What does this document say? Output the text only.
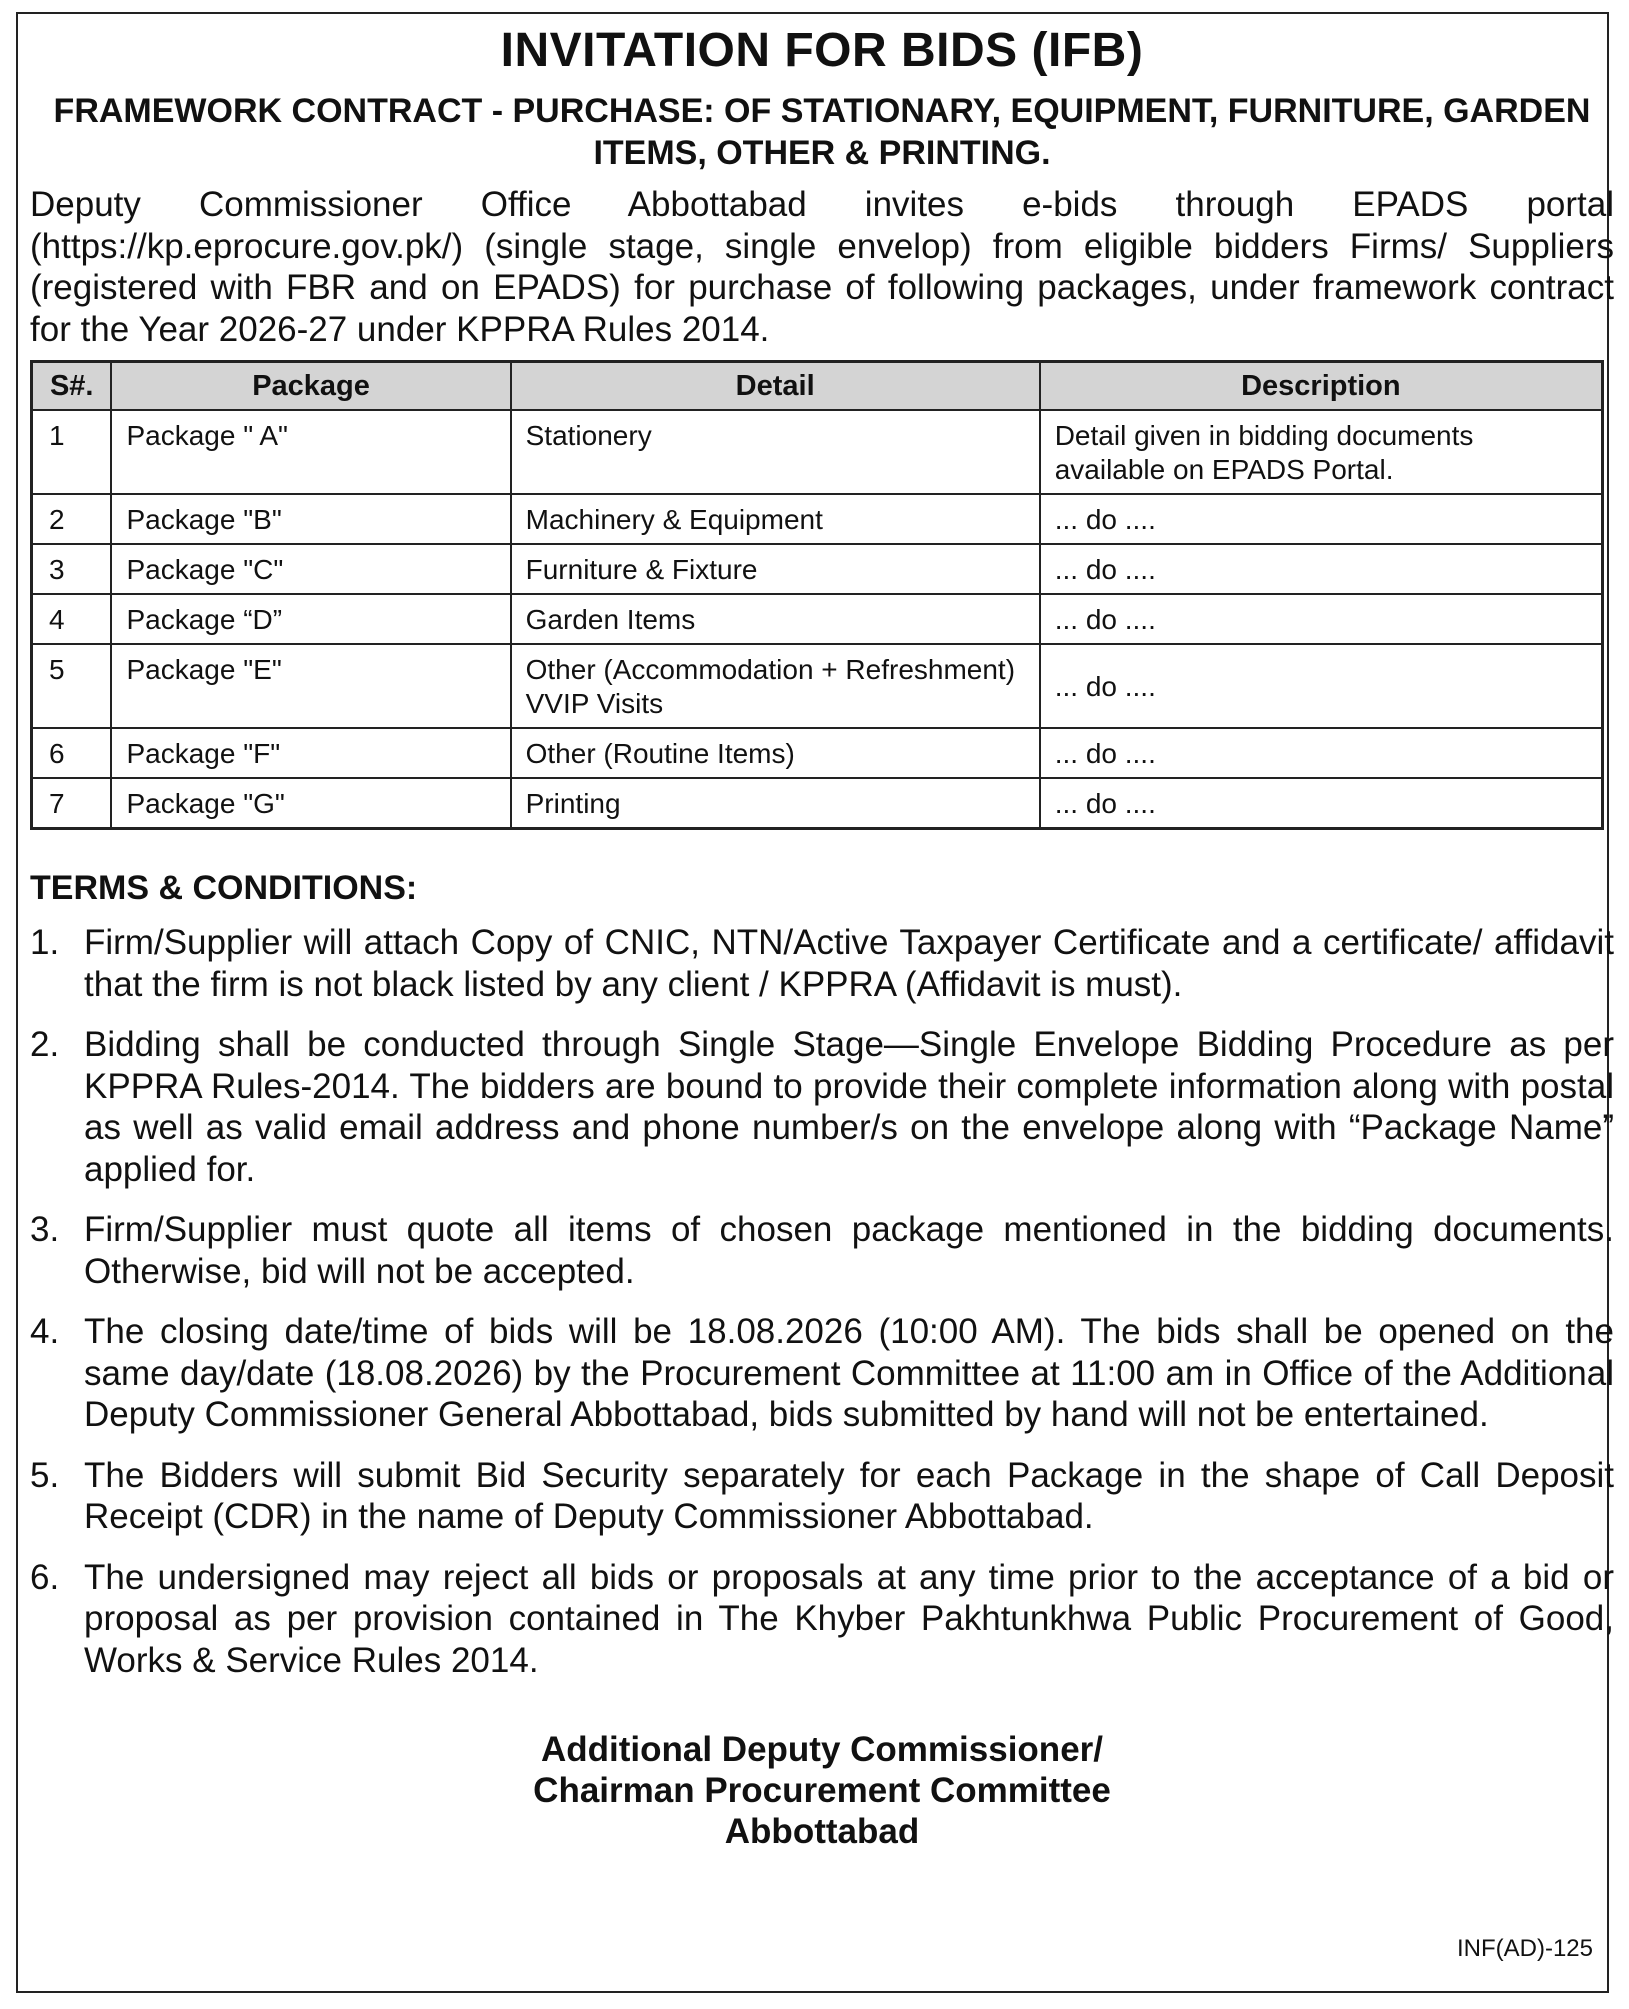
INVITATION FOR BIDS (IFB)
FRAMEWORK CONTRACT - PURCHASE: OF STATIONARY, EQUIPMENT, FURNITURE, GARDEN ITEMS, OTHER & PRINTING.

Deputy Commissioner Office Abbottabad invites e-bids through EPADS portal (https://kp.eprocure.gov.pk/) (single stage, single envelop) from eligible bidders Firms/ Suppliers (registered with FBR and on EPADS) for purchase of following packages, under framework contract for the Year 2026-27 under KPPRA Rules 2014.

S#.	Package	Detail	Description
1	Package " A"	Stationery	Detail given in bidding documents available on EPADS Portal.
2	Package "B"	Machinery & Equipment	... do ....
3	Package "C"	Furniture & Fixture	... do ....
4	Package “D”	Garden Items	... do ....
5	Package "E"	Other (Accommodation + Refreshment) VVIP Visits	... do ....
6	Package "F"	Other (Routine Items)	... do ....
7	Package "G"	Printing	... do ....
TERMS & CONDITIONS:
1. Firm/Supplier will attach Copy of CNIC, NTN/Active Taxpayer Certificate and a certificate/ affidavit that the firm is not black listed by any client / KPPRA (Affidavit is must).
2. Bidding shall be conducted through Single Stage—Single Envelope Bidding Procedure as per KPPRA Rules-2014. The bidders are bound to provide their complete information along with postal as well as valid email address and phone number/s on the envelope along with “Package Name” applied for.
3. Firm/Supplier must quote all items of chosen package mentioned in the bidding documents. Otherwise, bid will not be accepted.
4. The closing date/time of bids will be 18.08.2026 (10:00 AM). The bids shall be opened on the same day/date (18.08.2026) by the Procurement Committee at 11:00 am in Office of the Additional Deputy Commissioner General Abbottabad, bids submitted by hand will not be entertained.
5. The Bidders will submit Bid Security separately for each Package in the shape of Call Deposit Receipt (CDR) in the name of Deputy Commissioner Abbottabad.
6. The undersigned may reject all bids or proposals at any time prior to the acceptance of a bid or proposal as per provision contained in The Khyber Pakhtunkhwa Public Procurement of Good, Works & Service Rules 2014.
Additional Deputy Commissioner/
Chairman Procurement Committee
Abbottabad
INF(AD)-125
